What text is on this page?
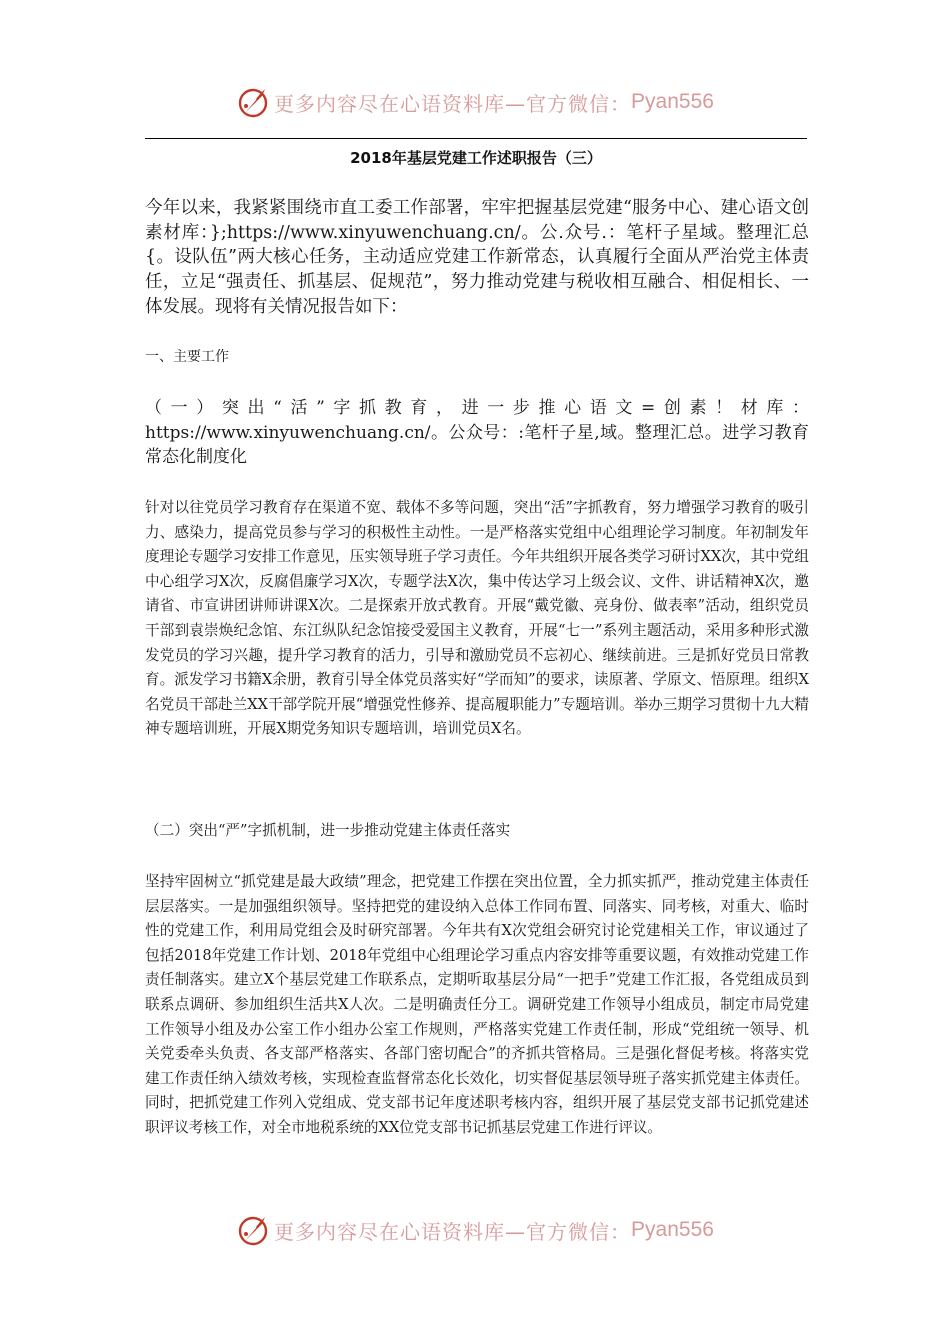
更多内容尽在心语资料库—官方微信： Pyan556
2018年基层党建工作述职报告（三）

今年以来，我紧紧围绕市直工委工作部署，牢牢把握基层党建“服务中心、建心语文创素材库：};https://www.xinyuwenchuang.cn/。公.众号.：笔杆子星域。整理汇总{。设队伍”两大核心任务，主动适应党建工作新常态，认真履行全面从严治党主体责任，立足“强责任、抓基层、促规范”，努力推动党建与税收相互融合、相促相长、一体发展。现将有关情况报告如下：

一、主要工作

（一）突出“活”字抓教育，进一步推心语文=创素！材库：https://www.xinyuwenchuang.cn/。公众号：:笔杆子星,域。整理汇总。进学习教育常态化制度化

针对以往党员学习教育存在渠道不宽、载体不多等问题，突出“活”字抓教育，努力增强学习教育的吸引力、感染力，提高党员参与学习的积极性主动性。一是严格落实党组中心组理论学习制度。年初制发年度理论专题学习安排工作意见，压实领导班子学习责任。今年共组织开展各类学习研讨XX次，其中党组中心组学习X次，反腐倡廉学习X次，专题学法X次，集中传达学习上级会议、文件、讲话精神X次，邀请省、市宣讲团讲师讲课X次。二是探索开放式教育。开展“戴党徽、亮身份、做表率”活动，组织党员干部到袁崇焕纪念馆、东江纵队纪念馆接受爱国主义教育，开展“七一”系列主题活动，采用多种形式激发党员的学习兴趣，提升学习教育的活力，引导和激励党员不忘初心、继续前进。三是抓好党员日常教育。派发学习书籍X余册，教育引导全体党员落实好“学而知”的要求，读原著、学原文、悟原理。组织X名党员干部赴兰XX干部学院开展“增强党性修养、提高履职能力”专题培训。举办三期学习贯彻十九大精神专题培训班，开展X期党务知识专题培训，培训党员X名。

（二）突出“严”字抓机制，进一步推动党建主体责任落实

坚持牢固树立“抓党建是最大政绩”理念，把党建工作摆在突出位置，全力抓实抓严，推动党建主体责任层层落实。一是加强组织领导。坚持把党的建设纳入总体工作同布置、同落实、同考核，对重大、临时性的党建工作，利用局党组会及时研究部署。今年共有X次党组会研究讨论党建相关工作，审议通过了包括2018年党建工作计划、2018年党组中心组理论学习重点内容安排等重要议题，有效推动党建工作责任制落实。建立X个基层党建工作联系点，定期听取基层分局“一把手”党建工作汇报，各党组成员到联系点调研、参加组织生活共X人次。二是明确责任分工。调研党建工作领导小组成员，制定市局党建工作领导小组及办公室工作小组办公室工作规则，严格落实党建工作责任制，形成“党组统一领导、机关党委牵头负责、各支部严格落实、各部门密切配合”的齐抓共管格局。三是强化督促考核。将落实党建工作责任纳入绩效考核，实现检查监督常态化长效化，切实督促基层领导班子落实抓党建主体责任。同时，把抓党建工作列入党组成、党支部书记年度述职考核内容，组织开展了基层党支部书记抓党建述职评议考核工作，对全市地税系统的XX位党支部书记抓基层党建工作进行评议。

更多内容尽在心语资料库—官方微信： Pyan556
